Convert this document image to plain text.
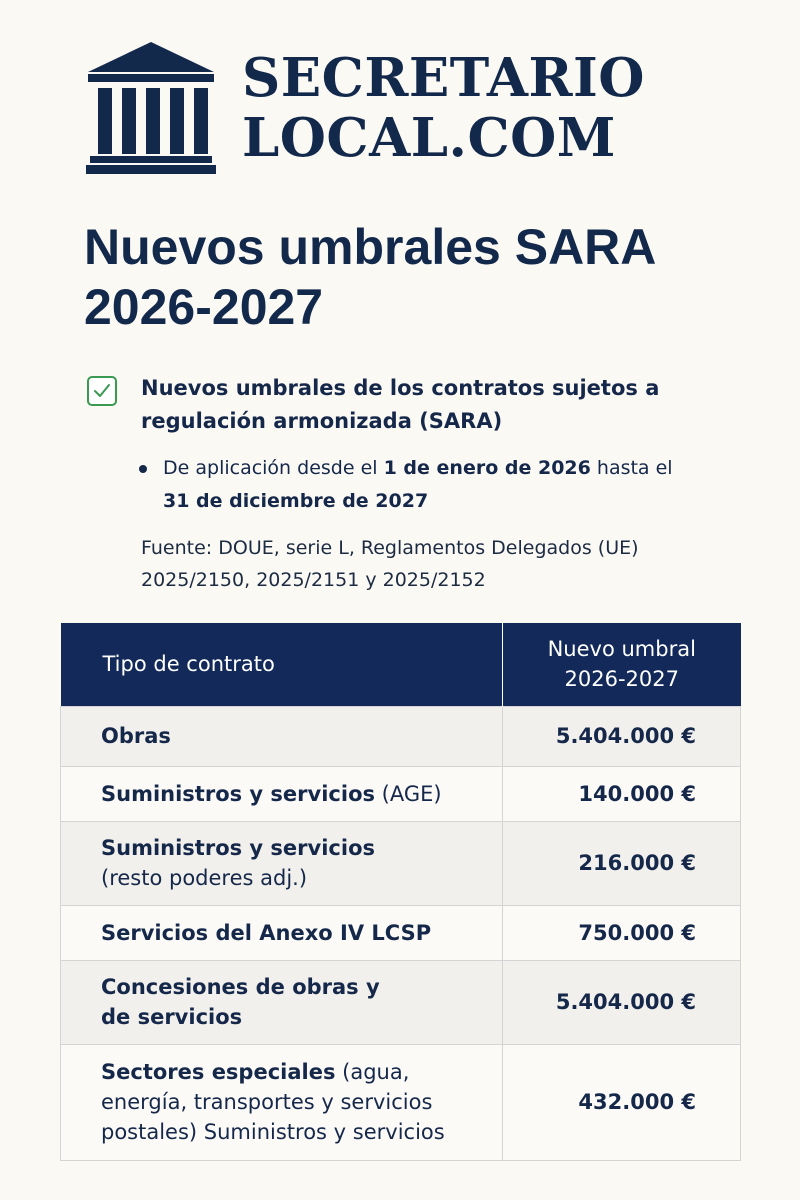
SECRETARIO
LOCAL.COM
Nuevos umbrales SARA
2026-2027
Nuevos umbrales de los contratos sujetos a
regulación armonizada (SARA)
De aplicación desde el 1 de enero de 2026 hasta el
31 de diciembre de 2027
Fuente: DOUE, serie L, Reglamentos Delegados (UE)
2025/2150, 2025/2151 y 2025/2152
Tipo de contrato	Nuevo umbral
2026-2027

Obras	5.404.000 €
Suministros y servicios (AGE)	140.000 €

Suministros y servicios
(resto poderes adj.)	216.000 €
Servicios del Anexo IV LCSP	750.000 €

Concesiones de obras y
de servicios	5.404.000 €

Sectores especiales (agua,
energía, transportes y servicios
postales) Suministros y servicios	432.000 €
